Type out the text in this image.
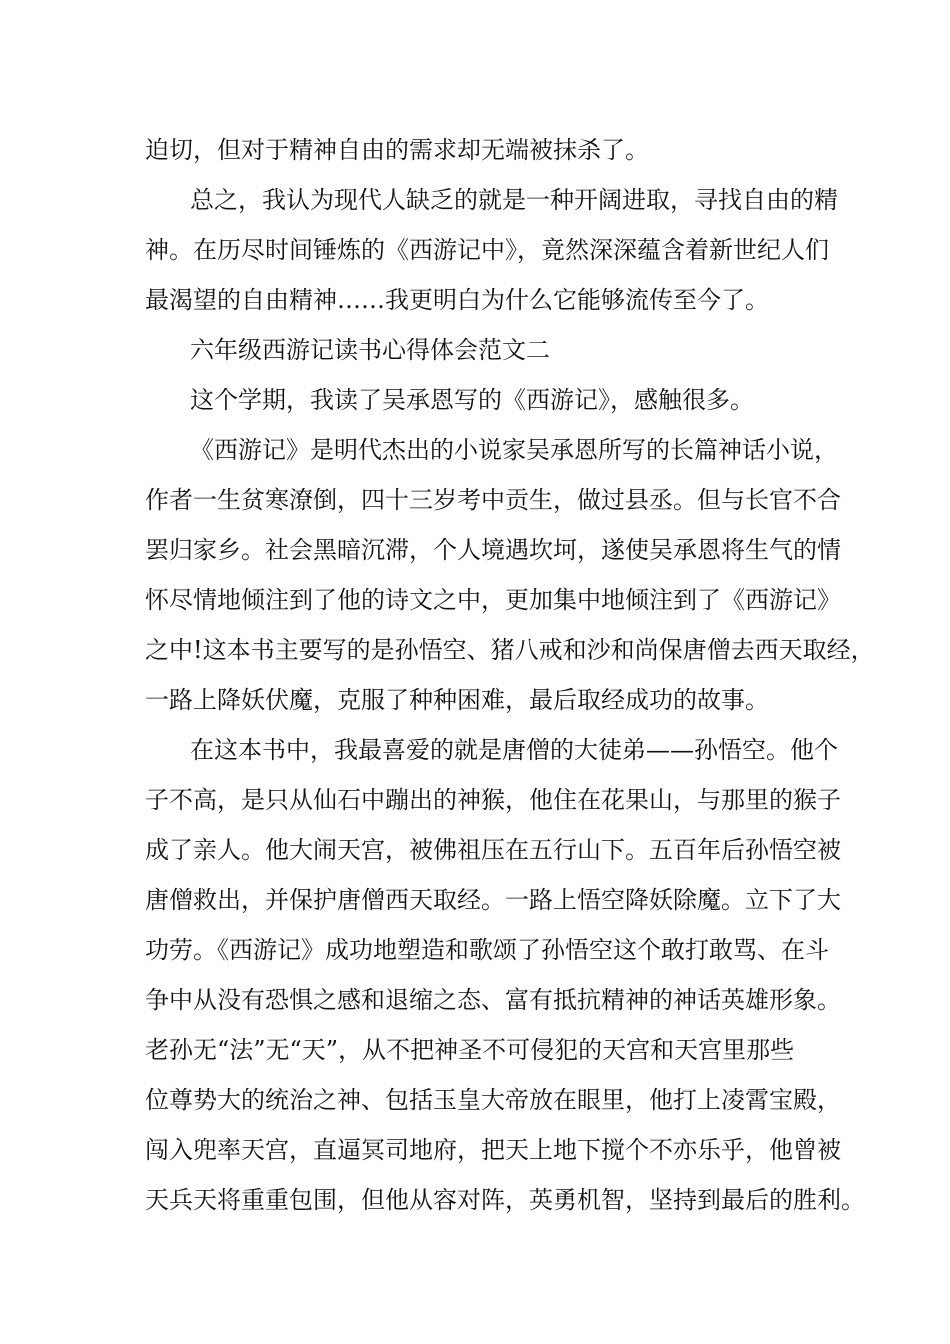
迫切，但对于精神自由的需求却无端被抹杀了。
总之，我认为现代人缺乏的就是一种开阔进取，寻找自由的精
神。在历尽时间锤炼的《西游记中》，竟然深深蕴含着新世纪人们
最渴望的自由精神……我更明白为什么它能够流传至今了。
六年级西游记读书心得体会范文二
这个学期，我读了吴承恩写的《西游记》，感触很多。
《西游记》是明代杰出的小说家吴承恩所写的长篇神话小说，
作者一生贫寒潦倒，四十三岁考中贡生，做过县丞。但与长官不合
罢归家乡。社会黑暗沉滞，个人境遇坎坷，遂使吴承恩将生气的情
怀尽情地倾注到了他的诗文之中，更加集中地倾注到了《西游记》
之中!这本书主要写的是孙悟空、猪八戒和沙和尚保唐僧去西天取经，
一路上降妖伏魔，克服了种种困难，最后取经成功的故事。
在这本书中，我最喜爱的就是唐僧的大徒弟——孙悟空。他个
子不高，是只从仙石中蹦出的神猴，他住在花果山，与那里的猴子
成了亲人。他大闹天宫，被佛祖压在五行山下。五百年后孙悟空被
唐僧救出，并保护唐僧西天取经。一路上悟空降妖除魔。立下了大
功劳。《西游记》成功地塑造和歌颂了孙悟空这个敢打敢骂、在斗
争中从没有恐惧之感和退缩之态、富有抵抗精神的神话英雄形象。
老孙无“法”无“天”，从不把神圣不可侵犯的天宫和天宫里那些
位尊势大的统治之神、包括玉皇大帝放在眼里，他打上凌霄宝殿，
闯入兜率天宫，直逼冥司地府，把天上地下搅个不亦乐乎，他曾被
天兵天将重重包围，但他从容对阵，英勇机智，坚持到最后的胜利。
